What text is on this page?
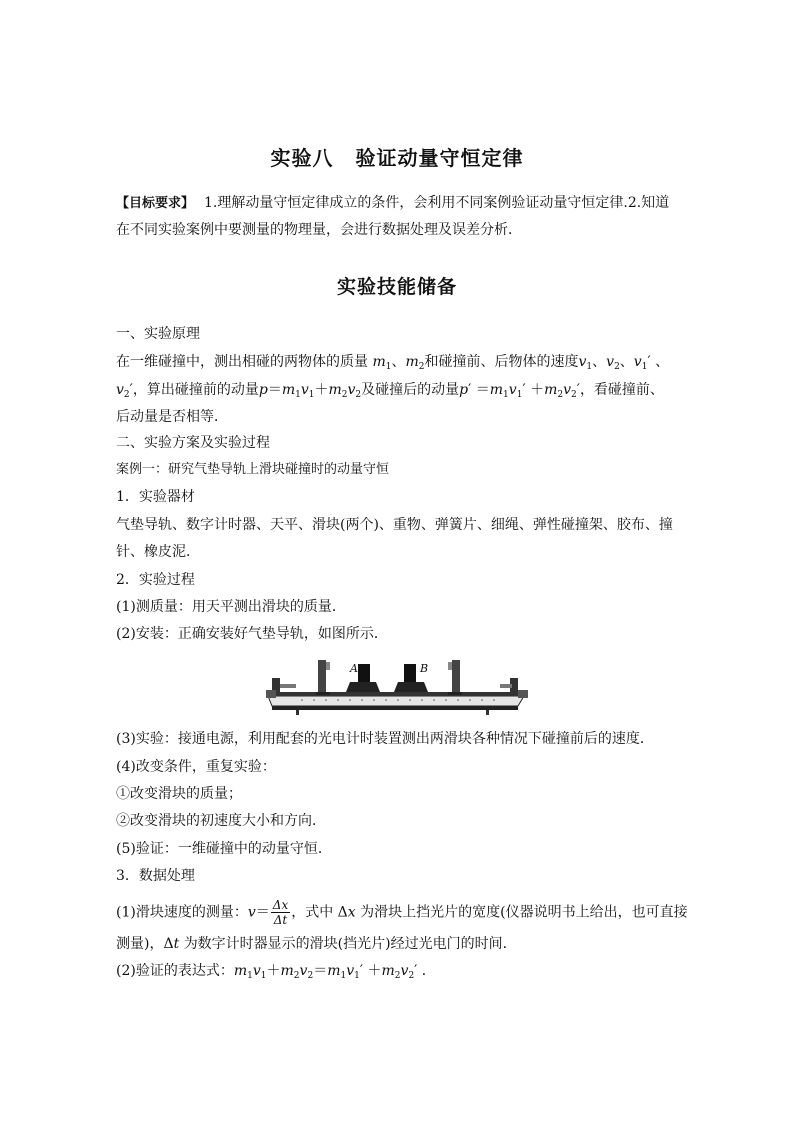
实验八 验证动量守恒定律
【目标要求】 1.理解动量守恒定律成立的条件，会利用不同案例验证动量守恒定律.2.知道在不同实验案例中要测量的物理量，会进行数据处理及误差分析．
实验技能储备
一、实验原理
在一维碰撞中，测出相碰的两物体的质量 $m_1$、$m_2$和碰撞前、后物体的速度$v_1$、$v_2$、$v_1'$ 、
$v_2'$，算出碰撞前的动量$p=m_1v_1+m_2v_2$及碰撞后的动量$p' =m_1v_1' +m_2v_2'$，看碰撞前、
后动量是否相等．
二、实验方案及实验过程
案例一：研究气垫导轨上滑块碰撞时的动量守恒
1．实验器材
气垫导轨、数字计时器、天平、滑块(两个)、重物、弹簧片、细绳、弹性碰撞架、胶布、撞
针、橡皮泥．
2．实验过程
(1)测质量：用天平测出滑块的质量．
(2)安装：正确安装好气垫导轨，如图所示．
A	B
(3)实验：接通电源，利用配套的光电计时装置测出两滑块各种情况下碰撞前后的速度．
(4)改变条件，重复实验：
①改变滑块的质量；
②改变滑块的初速度大小和方向．
(5)验证：一维碰撞中的动量守恒．
3．数据处理
(1)滑块速度的测量：$v= \frac{\Delta x}{\Delta t}$ ，式中 Δx 为滑块上挡光片的宽度(仪器说明书上给出，也可直接
测量)，Δt 为数字计时器显示的滑块(挡光片)经过光电门的时间．
(2)验证的表达式：$m_1v_1+m_2v_2=m_1v_1' +m_2v_2'$ ．
